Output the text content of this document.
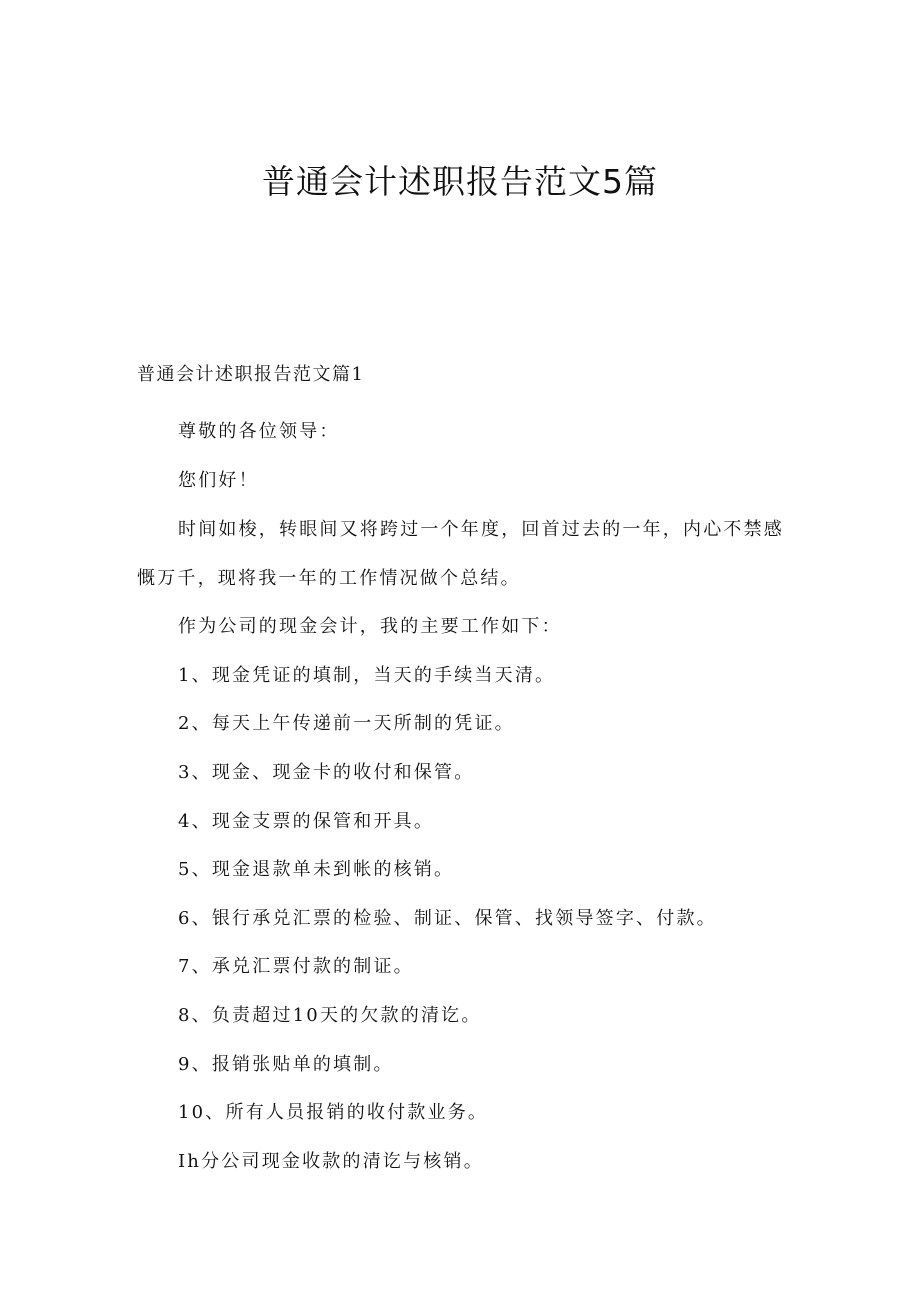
普通会计述职报告范文5篇
普通会计述职报告范文篇1

尊敬的各位领导：

您们好！

时间如梭，转眼间又将跨过一个年度，回首过去的一年，内心不禁感慨万千，现将我一年的工作情况做个总结。

作为公司的现金会计，我的主要工作如下：

1、现金凭证的填制，当天的手续当天清。

2、每天上午传递前一天所制的凭证。

3、现金、现金卡的收付和保管。

4、现金支票的保管和开具。

5、现金退款单未到帐的核销。

6、银行承兑汇票的检验、制证、保管、找领导签字、付款。

7、承兑汇票付款的制证。

8、负责超过10天的欠款的清讫。

9、报销张贴单的填制。

10、所有人员报销的收付款业务。

Ih分公司现金收款的清讫与核销。
